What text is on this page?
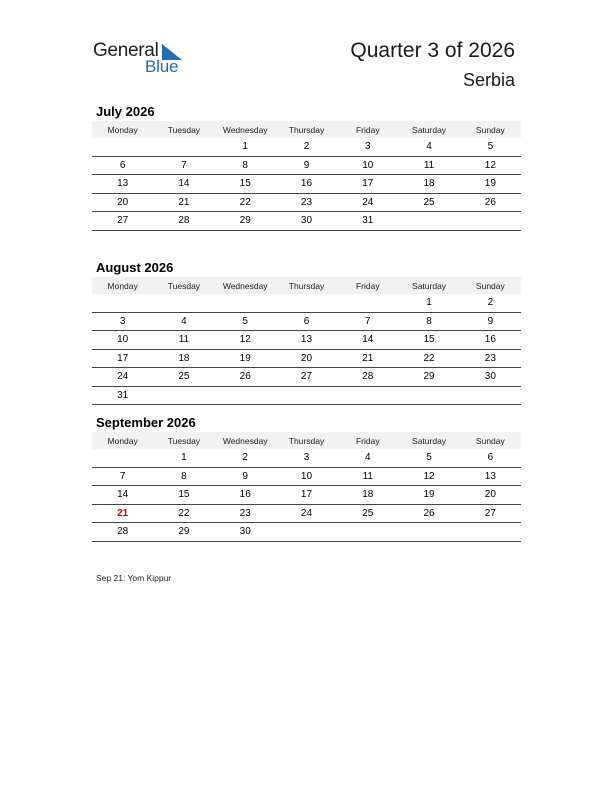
General
Blue
Quarter 3 of 2026
Serbia
July 2026
Monday	Tuesday	Wednesday	Thursday	Friday	Saturday	Sunday
		1	2	3	4	5
6	7	8	9	10	11	12
13	14	15	16	17	18	19
20	21	22	23	24	25	26
27	28	29	30	31		
August 2026
Monday	Tuesday	Wednesday	Thursday	Friday	Saturday	Sunday
					1	2
3	4	5	6	7	8	9
10	11	12	13	14	15	16
17	18	19	20	21	22	23
24	25	26	27	28	29	30
31						
September 2026
Monday	Tuesday	Wednesday	Thursday	Friday	Saturday	Sunday
	1	2	3	4	5	6
7	8	9	10	11	12	13
14	15	16	17	18	19	20
21	22	23	24	25	26	27
28	29	30				
Sep 21: Yom Kippur
